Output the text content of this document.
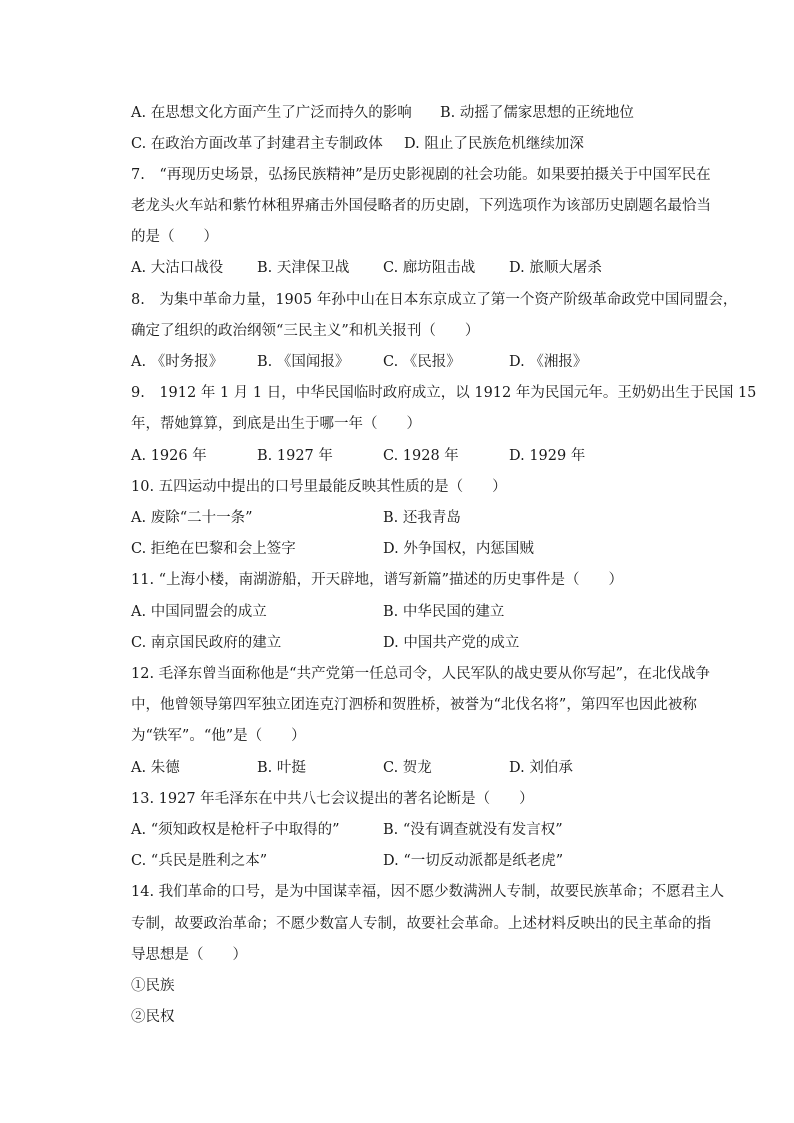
A. 在思想文化方面产生了广泛而持久的影响 B. 动摇了儒家思想的正统地位
C. 在政治方面改革了封建君主专制政体 D. 阻止了民族危机继续加深
7.　“再现历史场景，弘扬民族精神”是历史影视剧的社会功能。如果要拍摄关于中国军民在
老龙头火车站和紫竹林租界痛击外国侵略者的历史剧，下列选项作为该部历史剧题名最恰当
的是（　　）
A. 大沽口战役 B. 天津保卫战 C. 廊坊阻击战 D. 旅顺大屠杀
8.　为集中革命力量，1905 年孙中山在日本东京成立了第一个资产阶级革命政党中国同盟会，
确定了组织的政治纲领“三民主义”和机关报刊（　　）
A. 《时务报》 B. 《国闻报》 C. 《民报》	D. 《湘报》
9.　1912 年 1 月 1 日，中华民国临时政府成立，以 1912 年为民国元年。王奶奶出生于民国 15
年，帮她算算，到底是出生于哪一年（　　）
A. 1926 年	B. 1927 年	C. 1928 年	D. 1929 年
10. 五四运动中提出的口号里最能反映其性质的是（　　）
A. 废除“二十一条”	B. 还我青岛
C. 拒绝在巴黎和会上签字	D. 外争国权，内惩国贼
11. “上海小楼，南湖游船，开天辟地，谱写新篇”描述的历史事件是（　　）
A. 中国同盟会的成立	B. 中华民国的建立
C. 南京国民政府的建立	D. 中国共产党的成立
12. 毛泽东曾当面称他是“共产党第一任总司令，人民军队的战史要从你写起”，在北伐战争
中，他曾领导第四军独立团连克汀泗桥和贺胜桥，被誉为“北伐名将”，第四军也因此被称
为“铁军”。“他”是（　　）
A. 朱德	B. 叶挺	C. 贺龙	D. 刘伯承
13. 1927 年毛泽东在中共八七会议提出的著名论断是（　　）
A. “须知政权是枪杆子中取得的”	B. “没有调查就没有发言权”
C. “兵民是胜利之本”	D. “一切反动派都是纸老虎”
14. 我们革命的口号，是为中国谋幸福，因不愿少数满洲人专制，故要民族革命；不愿君主人
专制，故要政治革命；不愿少数富人专制，故要社会革命。上述材料反映出的民主革命的指
导思想是（　　）
①民族
②民权
